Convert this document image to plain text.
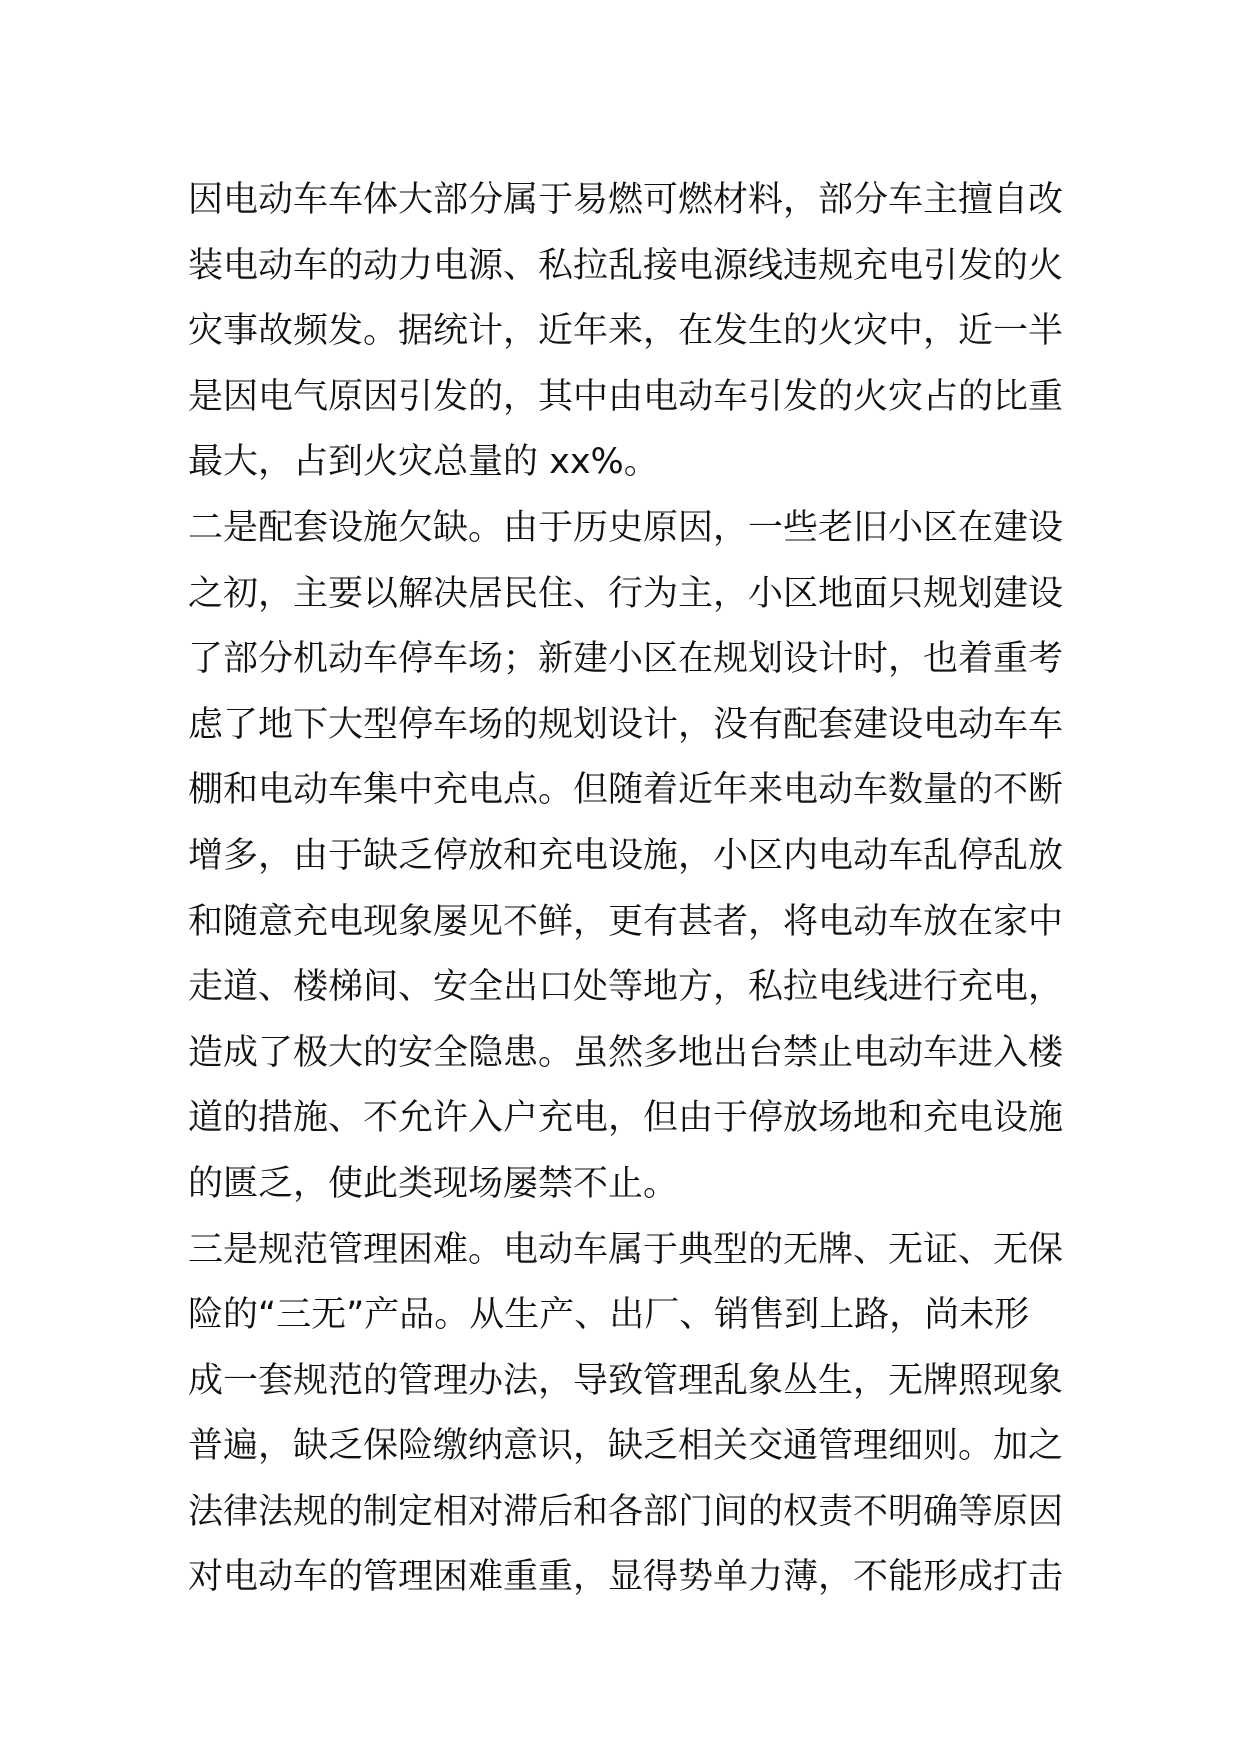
因电动车车体大部分属于易燃可燃材料，部分车主擅自改
装电动车的动力电源、私拉乱接电源线违规充电引发的火
灾事故频发。据统计，近年来，在发生的火灾中，近一半
是因电气原因引发的，其中由电动车引发的火灾占的比重
最大，占到火灾总量的 xx%。
二是配套设施欠缺。由于历史原因，一些老旧小区在建设
之初，主要以解决居民住、行为主，小区地面只规划建设
了部分机动车停车场；新建小区在规划设计时，也着重考
虑了地下大型停车场的规划设计，没有配套建设电动车车
棚和电动车集中充电点。但随着近年来电动车数量的不断
增多，由于缺乏停放和充电设施，小区内电动车乱停乱放
和随意充电现象屡见不鲜，更有甚者，将电动车放在家中
走道、楼梯间、安全出口处等地方，私拉电线进行充电，
造成了极大的安全隐患。虽然多地出台禁止电动车进入楼
道的措施、不允许入户充电，但由于停放场地和充电设施
的匮乏，使此类现场屡禁不止。
三是规范管理困难。电动车属于典型的无牌、无证、无保
险的“三无”产品。从生产、出厂、销售到上路，尚未形
成一套规范的管理办法，导致管理乱象丛生，无牌照现象
普遍，缺乏保险缴纳意识，缺乏相关交通管理细则。加之
法律法规的制定相对滞后和各部门间的权责不明确等原因
对电动车的管理困难重重，显得势单力薄，不能形成打击
